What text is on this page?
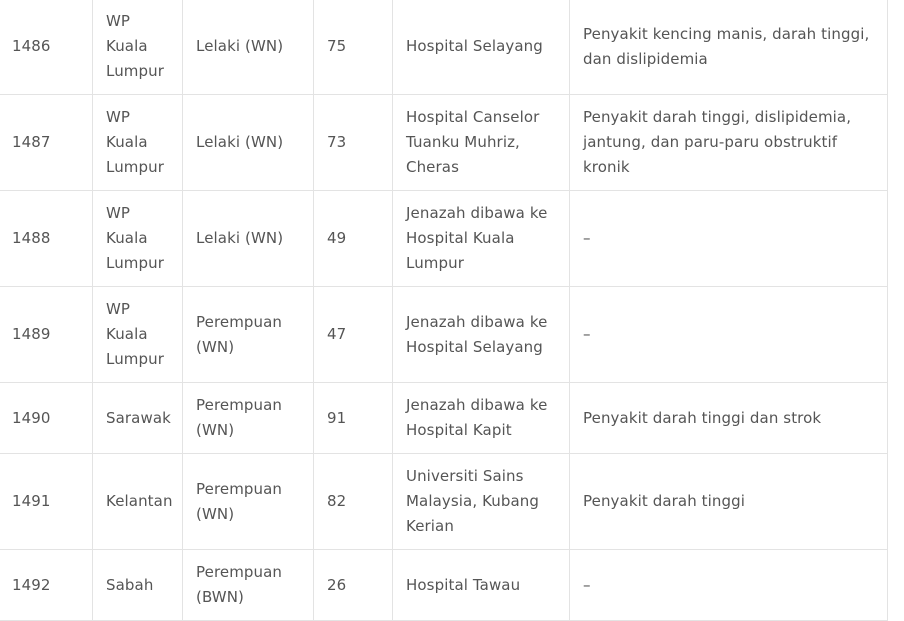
1486	WP
Kuala
Lumpur	Lelaki (WN)	75	Hospital Selayang	Penyakit kencing manis, darah tinggi,
dan dislipidemia
1487	WP
Kuala
Lumpur	Lelaki (WN)	73	Hospital Canselor
Tuanku Muhriz,
Cheras	Penyakit darah tinggi, dislipidemia,
jantung, dan paru-paru obstruktif kronik
1488	WP
Kuala
Lumpur	Lelaki (WN)	49	Jenazah dibawa ke
Hospital Kuala
Lumpur	–
1489	WP
Kuala
Lumpur	Perempuan
(WN)	47	Jenazah dibawa ke
Hospital Selayang	–
1490	Sarawak	Perempuan
(WN)	91	Jenazah dibawa ke
Hospital Kapit	Penyakit darah tinggi dan strok
1491	Kelantan	Perempuan
(WN)	82	Universiti Sains
Malaysia, Kubang
Kerian	Penyakit darah tinggi
1492	Sabah	Perempuan
(BWN)	26	Hospital Tawau	–
